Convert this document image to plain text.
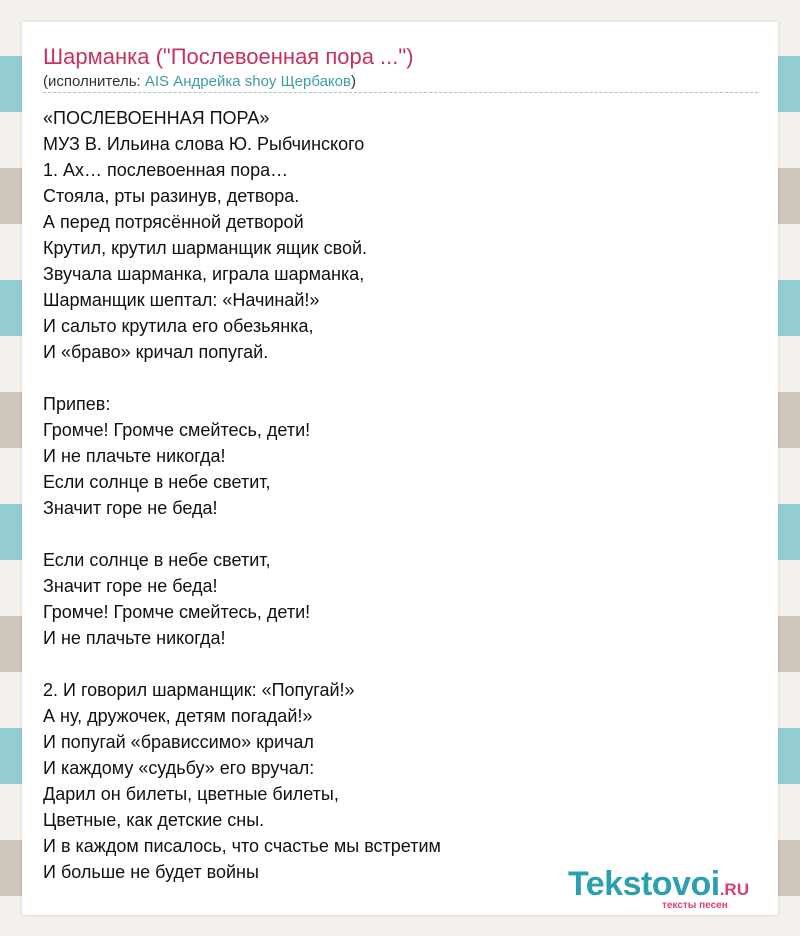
Шарманка ("Послевоенная пора ...")
(исполнитель: AIS Андрейка shoy Щербаков)
«ПОСЛЕВОЕННАЯ ПОРА»
МУЗ В. Ильина слова Ю. Рыбчинского
1. Ах… послевоенная пора…
Стояла, рты разинув, детвора.
А перед потрясённой детворой
Крутил, крутил шарманщик ящик свой.
Звучала шарманка, играла шарманка,
Шарманщик шептал: «Начинай!»
И сальто крутила его обезьянка,
И «браво» кричал попугай.
Припев:
Громче! Громче смейтесь, дети!
И не плачьте никогда!
Если солнце в небе светит,
Значит горе не беда!
Если солнце в небе светит,
Значит горе не беда!
Громче! Громче смейтесь, дети!
И не плачьте никогда!
2. И говорил шарманщик: «Попугай!»
А ну, дружочек, детям погадай!»
И попугай «брависсимо» кричал
И каждому «судьбу» его вручал:
Дарил он билеты, цветные билеты,
Цветные, как детские сны.
И в каждом писалось, что счастье мы встретим
И больше не будет войны	Tekstovoi.RU
тексты песен
